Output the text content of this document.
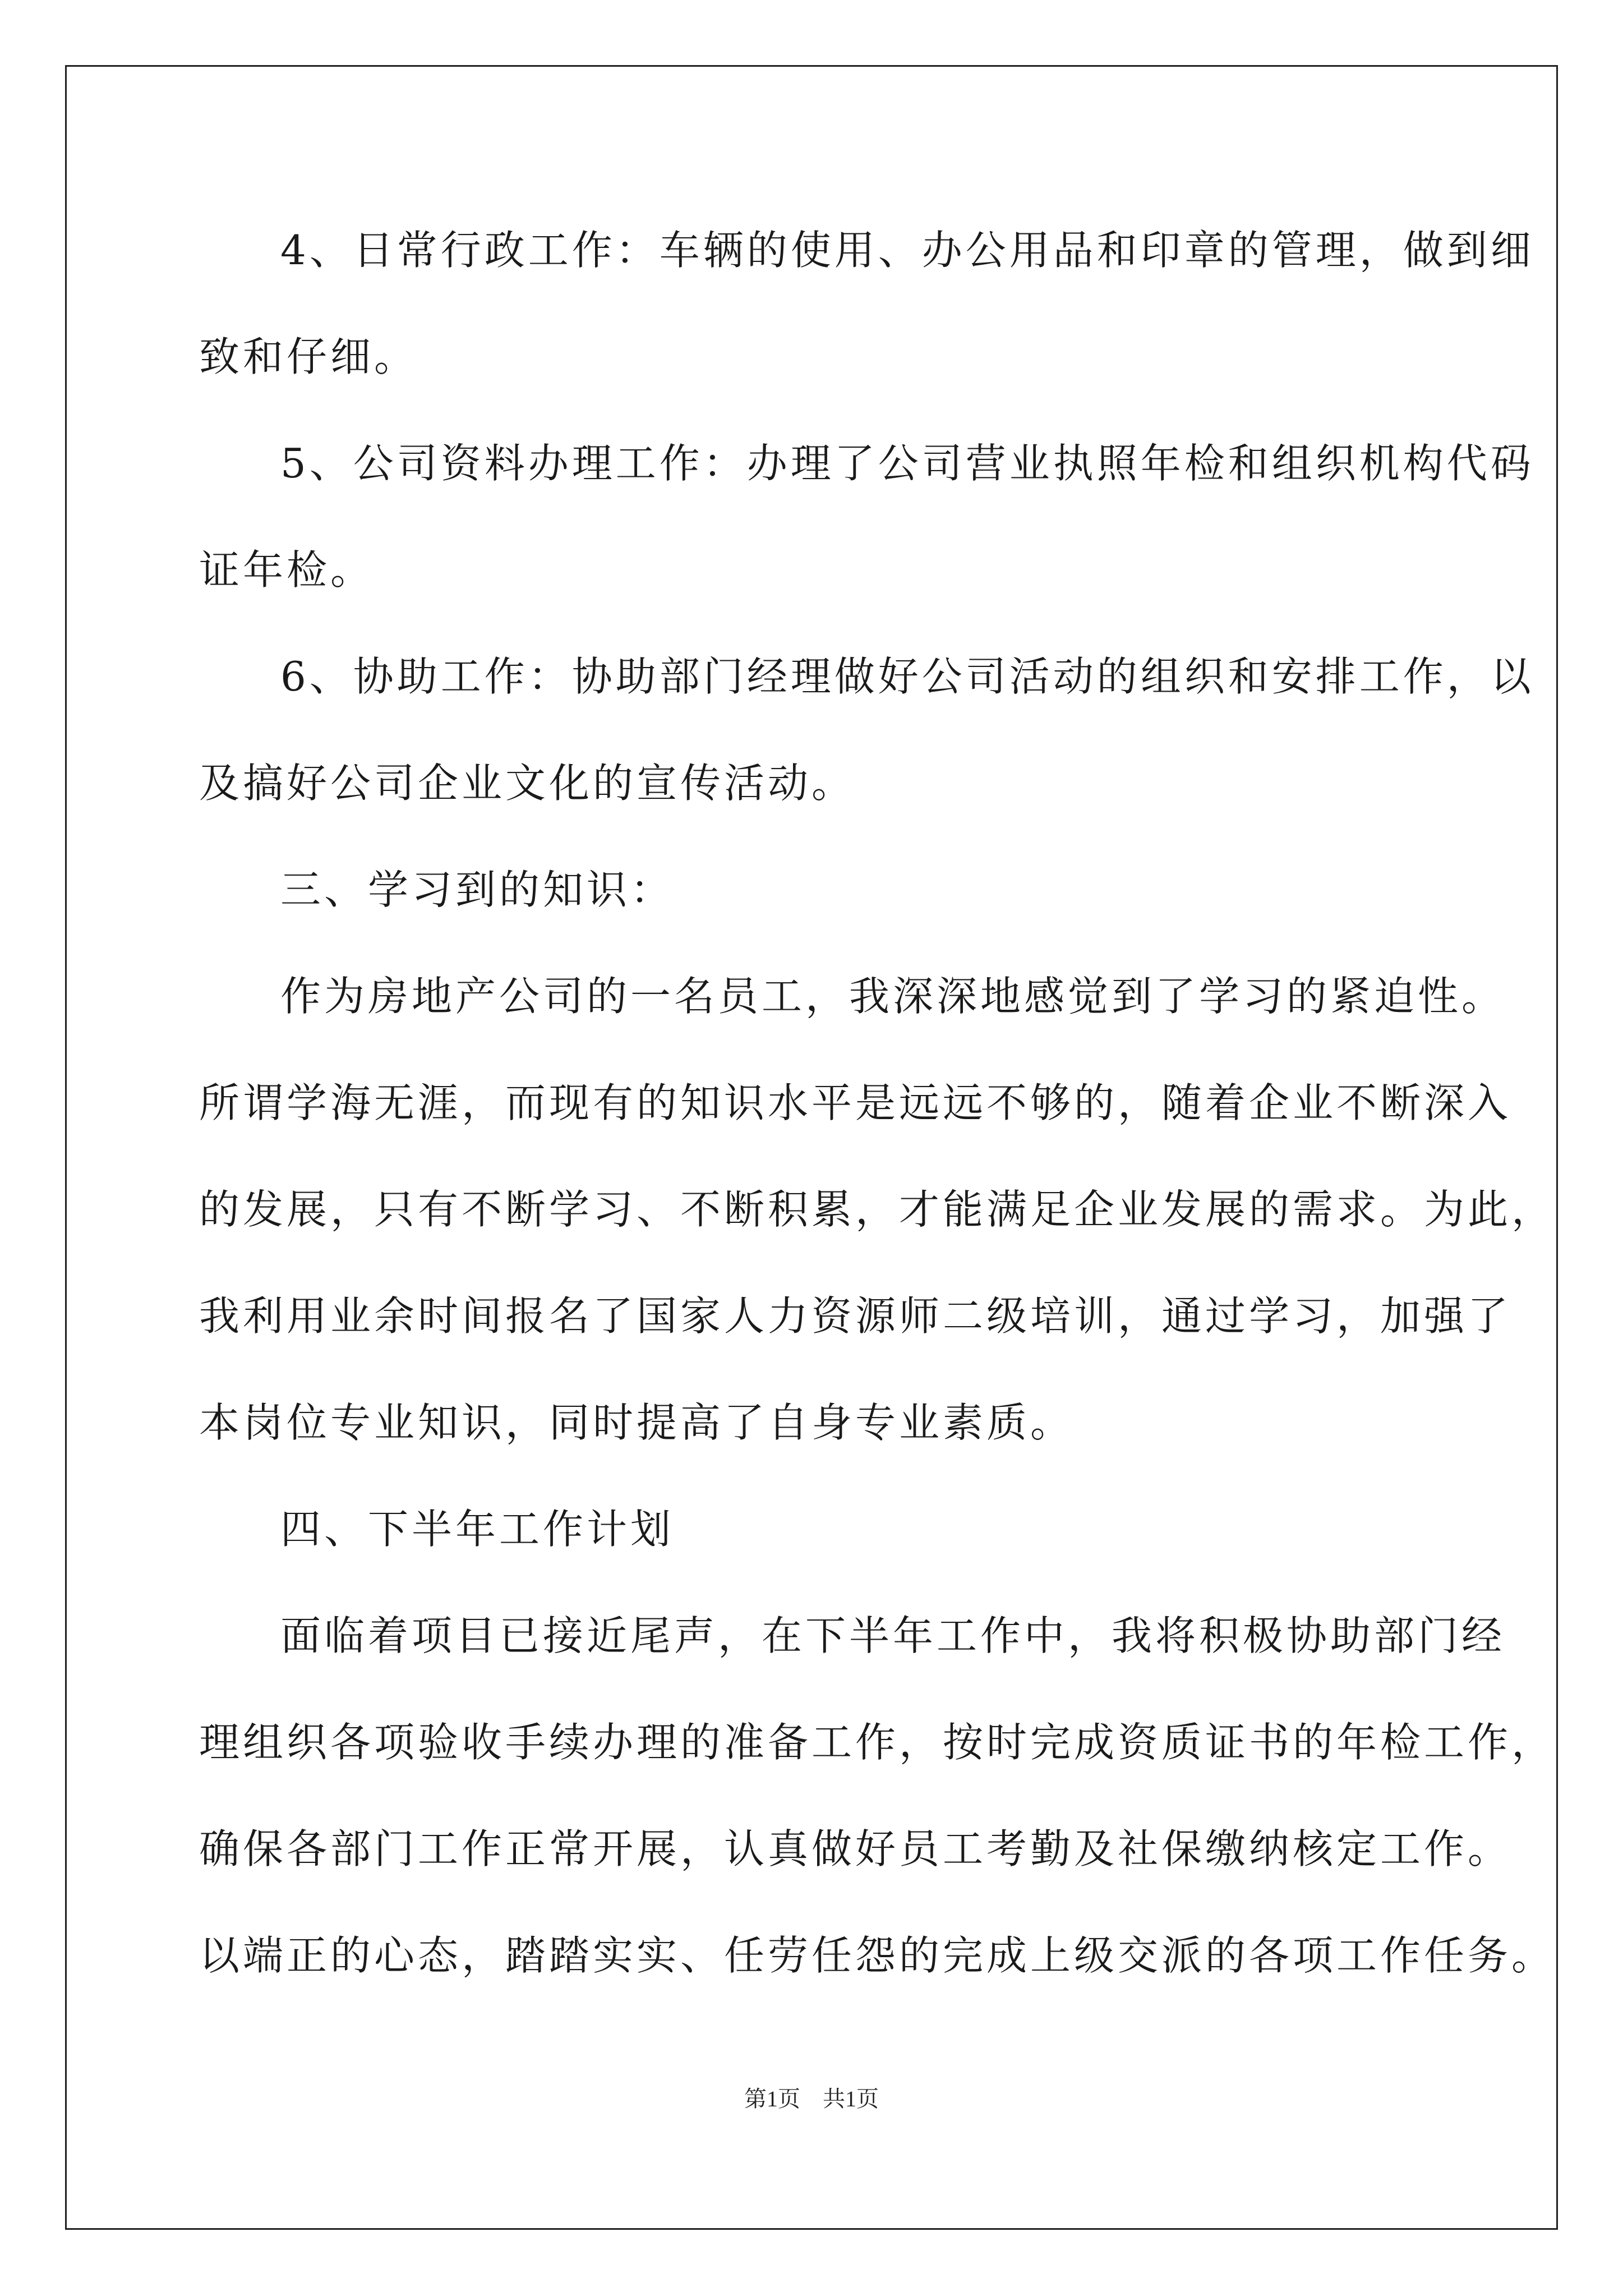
4、日常行政工作：车辆的使用、办公用品和印章的管理，做到细
致和仔细。
5、公司资料办理工作：办理了公司营业执照年检和组织机构代码
证年检。
6、协助工作：协助部门经理做好公司活动的组织和安排工作，以
及搞好公司企业文化的宣传活动。
三、学习到的知识：
作为房地产公司的一名员工，我深深地感觉到了学习的紧迫性。
所谓学海无涯，而现有的知识水平是远远不够的，随着企业不断深入
的发展，只有不断学习、不断积累，才能满足企业发展的需求。为此，
我利用业余时间报名了国家人力资源师二级培训，通过学习，加强了
本岗位专业知识，同时提高了自身专业素质。
四、下半年工作计划
面临着项目已接近尾声，在下半年工作中，我将积极协助部门经
理组织各项验收手续办理的准备工作，按时完成资质证书的年检工作，
确保各部门工作正常开展，认真做好员工考勤及社保缴纳核定工作。
以端正的心态，踏踏实实、任劳任怨的完成上级交派的各项工作任务。
第1页　共1页
